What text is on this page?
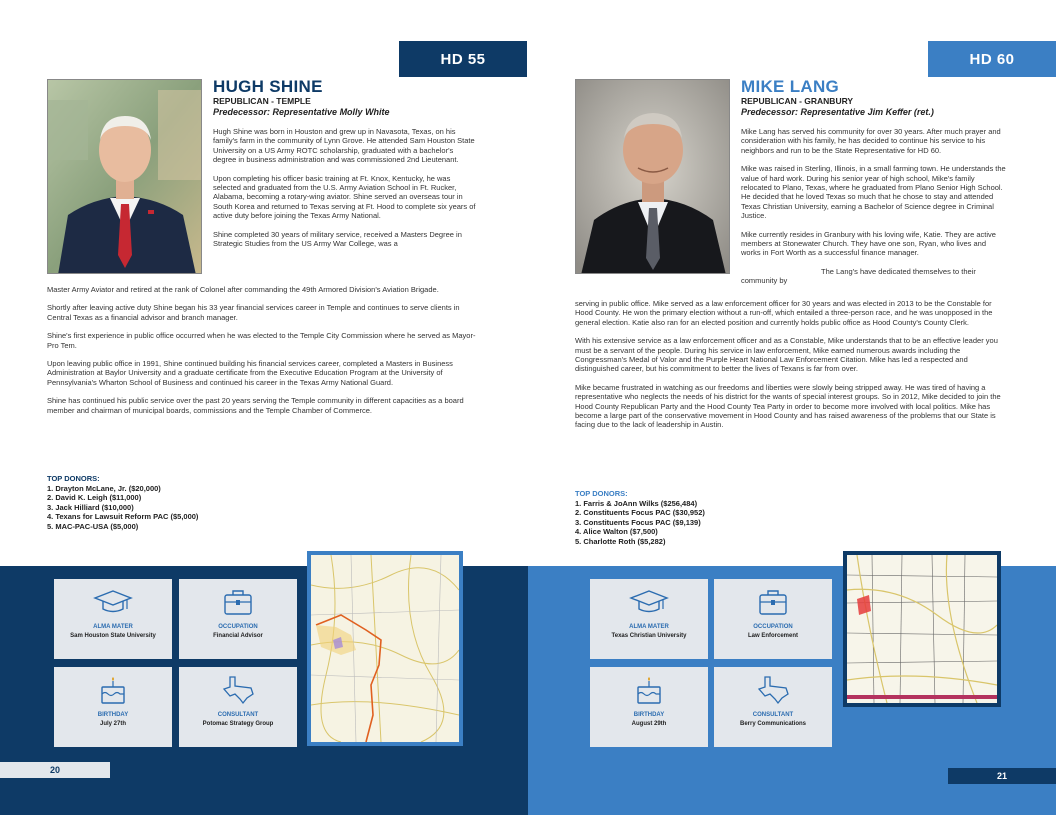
HD 55
HUGH SHINE
REPUBLICAN - TEMPLE
Predecessor: Representative Molly White

Hugh Shine was born in Houston and grew up in Navasota, Texas, on his family's farm in the community of Lynn Grove. He attended Sam Houston State University on a US Army ROTC scholarship, graduated with a bachelor's degree in business administration and was commissioned 2nd Lieutenant.

Upon completing his officer basic training at Ft. Knox, Kentucky, he was selected and graduated from the U.S. Army Aviation School in Ft. Rucker, Alabama, becoming a rotary-wing aviator. Shine served an overseas tour in South Korea and returned to Texas serving at Ft. Hood to complete six years of active duty before joining the Texas Army National.

Shine completed 30 years of military service, received a Masters Degree in Strategic Studies from the US Army War College, was a

Master Army Aviator and retired at the rank of Colonel after commanding the 49th Armored Division's Aviation Brigade.

Shortly after leaving active duty Shine began his 33 year financial services career in Temple and continues to serve clients in Central Texas as a financial advisor and branch manager.

Shine's first experience in public office occurred when he was elected to the Temple City Commission where he served as Mayor-Pro Tem.

Upon leaving public office in 1991, Shine continued building his financial services career, completed a Masters in Business Administration at Baylor University and a graduate certificate from the Executive Education Program at the University of Pennsylvania's Wharton School of Business and continued his career in the Texas Army National Guard.

Shine has continued his public service over the past 20 years serving the Temple community in different capacities as a board member and chairman of municipal boards, commissions and the Temple Chamber of Commerce.

TOP DONORS:
1. Drayton McLane, Jr. ($20,000)
2. David K. Leigh ($11,000)
3. Jack Hilliard ($10,000)
4. Texans for Lawsuit Reform PAC ($5,000)
5. MAC-PAC-USA ($5,000)
ALMA MATER
Sam Houston State University
OCCUPATION
Financial Advisor
BIRTHDAY
July 27th
CONSULTANT
Potomac Strategy Group
20
HD 60
MIKE LANG
REPUBLICAN - GRANBURY
Predecessor: Representative Jim Keffer (ret.)

Mike Lang has served his community for over 30 years. After much prayer and consideration with his family, he has decided to continue his service to his neighbors and run to be the State Representative for HD 60.

Mike was raised in Sterling, Illinois, in a small farming town. He understands the value of hard work. During his senior year of high school, Mike's family relocated to Plano, Texas, where he graduated from Plano Senior High School. He decided that he loved Texas so much that he chose to stay and attended Texas Christian University, earning a Bachelor of Science degree in Criminal Justice.

Mike currently resides in Granbury with his loving wife, Katie. They are active members at Stonewater Church. They have one son, Ryan, who lives and works in Fort Worth as a successful finance manager.

The Lang's have dedicated themselves to their community by

serving in public office. Mike served as a law enforcement officer for 30 years and was elected in 2013 to be the Constable for Hood County. He won the primary election without a run-off, which entailed a three-person race, and he was unopposed in the general election. Katie also ran for an elected position and currently holds public office as Hood County's County Clerk.

With his extensive service as a law enforcement officer and as a Constable, Mike understands that to be an effective leader you must be a servant of the people. During his service in law enforcement, Mike earned numerous awards including the Congressman's Medal of Valor and the Purple Heart National Law Enforcement Citation. Mike has led a respected and distinguished career, but his commitment to better the lives of Texans is far from over.

Mike became frustrated in watching as our freedoms and liberties were slowly being stripped away. He was tired of having a representative who neglects the needs of his district for the wants of special interest groups. So in 2012, Mike decided to join the Hood County Republican Party and the Hood County Tea Party in order to become more involved with local politics. Mike has become a large part of the conservative movement in Hood County and has raised awareness of the problems that our State is facing due to the lack of leadership in Austin.

TOP DONORS:
1. Farris & JoAnn Wilks ($256,484)
2. Constituents Focus PAC ($30,952)
3. Constituents Focus PAC ($9,139)
4. Alice Walton ($7,500)
5. Charlotte Roth ($5,282)
ALMA MATER
Texas Christian University
OCCUPATION
Law Enforcement
BIRTHDAY
August 29th
CONSULTANT
Berry Communications
21
